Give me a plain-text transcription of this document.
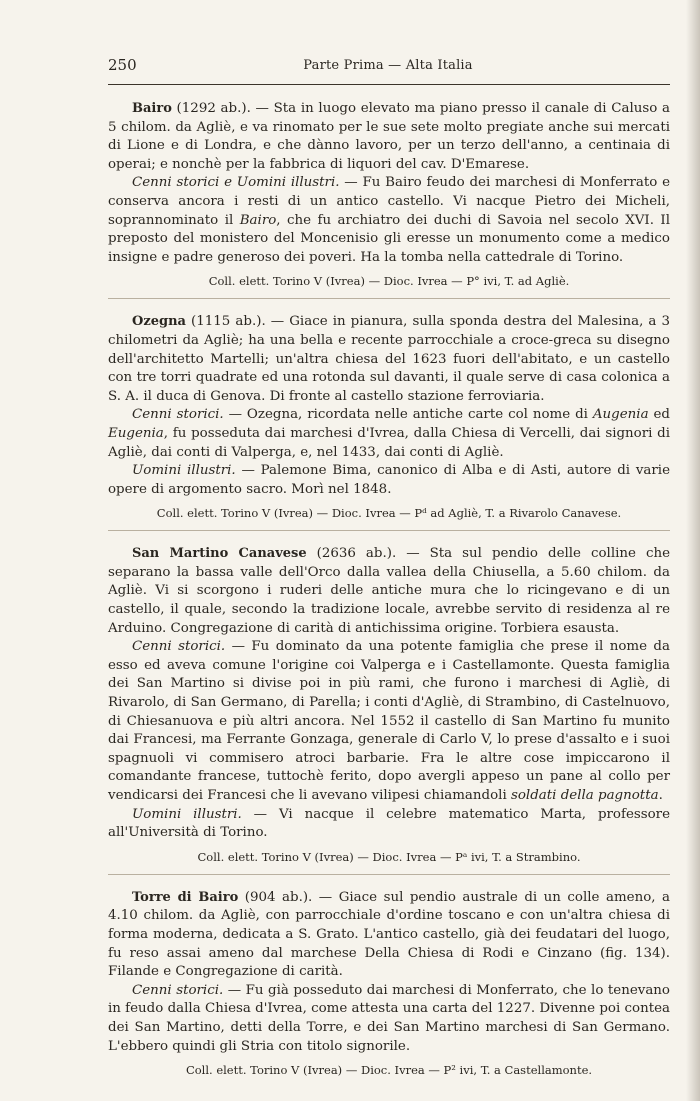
250	Parte Prima — Alta Italia

Bairo (1292 ab.). — Sta in luogo elevato ma piano presso il canale di Caluso a 5 chilom. da Agliè, e va rinomato per le sue sete molto pregiate anche sui mercati di Lione e di Londra, e che dànno lavoro, per un terzo dell'anno, a centinaia di operai; e nonchè per la fabbrica di liquori del cav. D'Emarese.

Cenni storici e Uomini illustri. — Fu Bairo feudo dei marchesi di Monferrato e conserva ancora i resti di un antico castello. Vi nacque Pietro dei Micheli, soprannominato il Bairo, che fu archiatro dei duchi di Savoia nel secolo XVI. Il preposto del monistero del Moncenisio gli eresse un monumento come a medico insigne e padre generoso dei poveri. Ha la tomba nella cattedrale di Torino.

Coll. elett. Torino V (Ivrea) — Dioc. Ivrea — P° ivi, T. ad Agliè.

Ozegna (1115 ab.). — Giace in pianura, sulla sponda destra del Malesina, a 3 chilometri da Agliè; ha una bella e recente parrocchiale a croce-greca su disegno dell'architetto Martelli; un'altra chiesa del 1623 fuori dell'abitato, e un castello con tre torri quadrate ed una rotonda sul davanti, il quale serve di casa colonica a S. A. il duca di Genova. Di fronte al castello stazione ferroviaria.

Cenni storici. — Ozegna, ricordata nelle antiche carte col nome di Augenia ed Eugenia, fu posseduta dai marchesi d'Ivrea, dalla Chiesa di Vercelli, dai signori di Agliè, dai conti di Valperga, e, nel 1433, dai conti di Agliè.

Uomini illustri. — Palemone Bima, canonico di Alba e di Asti, autore di varie opere di argomento sacro. Morì nel 1848.

Coll. elett. Torino V (Ivrea) — Dioc. Ivrea — Pᵈ ad Agliè, T. a Rivarolo Canavese.

San Martino Canavese (2636 ab.). — Sta sul pendio delle colline che separano la bassa valle dell'Orco dalla vallea della Chiusella, a 5.60 chilom. da Agliè. Vi si scorgono i ruderi delle antiche mura che lo ricingevano e di un castello, il quale, secondo la tradizione locale, avrebbe servito di residenza al re Arduino. Congregazione di carità di antichissima origine. Torbiera esausta.

Cenni storici. — Fu dominato da una potente famiglia che prese il nome da esso ed aveva comune l'origine coi Valperga e i Castellamonte. Questa famiglia dei San Martino si divise poi in più rami, che furono i marchesi di Agliè, di Rivarolo, di San Germano, di Parella; i conti d'Agliè, di Strambino, di Castelnuovo, di Chiesanuova e più altri ancora. Nel 1552 il castello di San Martino fu munito dai Francesi, ma Ferrante Gonzaga, generale di Carlo V, lo prese d'assalto e i suoi spagnuoli vi commisero atroci barbarie. Fra le altre cose impiccarono il comandante francese, tuttochè ferito, dopo avergli appeso un pane al collo per vendicarsi dei Francesi che li avevano vilipesi chiamandoli soldati della pagnotta.

Uomini illustri. — Vi nacque il celebre matematico Marta, professore all'Università di Torino.

Coll. elett. Torino V (Ivrea) — Dioc. Ivrea — Pᵃ ivi, T. a Strambino.

Torre di Bairo (904 ab.). — Giace sul pendio australe di un colle ameno, a 4.10 chilom. da Agliè, con parrocchiale d'ordine toscano e con un'altra chiesa di forma moderna, dedicata a S. Grato. L'antico castello, già dei feudatari del luogo, fu reso assai ameno dal marchese Della Chiesa di Rodi e Cinzano (fig. 134). Filande e Congregazione di carità.

Cenni storici. — Fu già posseduto dai marchesi di Monferrato, che lo tenevano in feudo dalla Chiesa d'Ivrea, come attesta una carta del 1227. Divenne poi contea dei San Martino, detti della Torre, e dei San Martino marchesi di San Germano. L'ebbero quindi gli Stria con titolo signorile.

Coll. elett. Torino V (Ivrea) — Dioc. Ivrea — P² ivi, T. a Castellamonte.
